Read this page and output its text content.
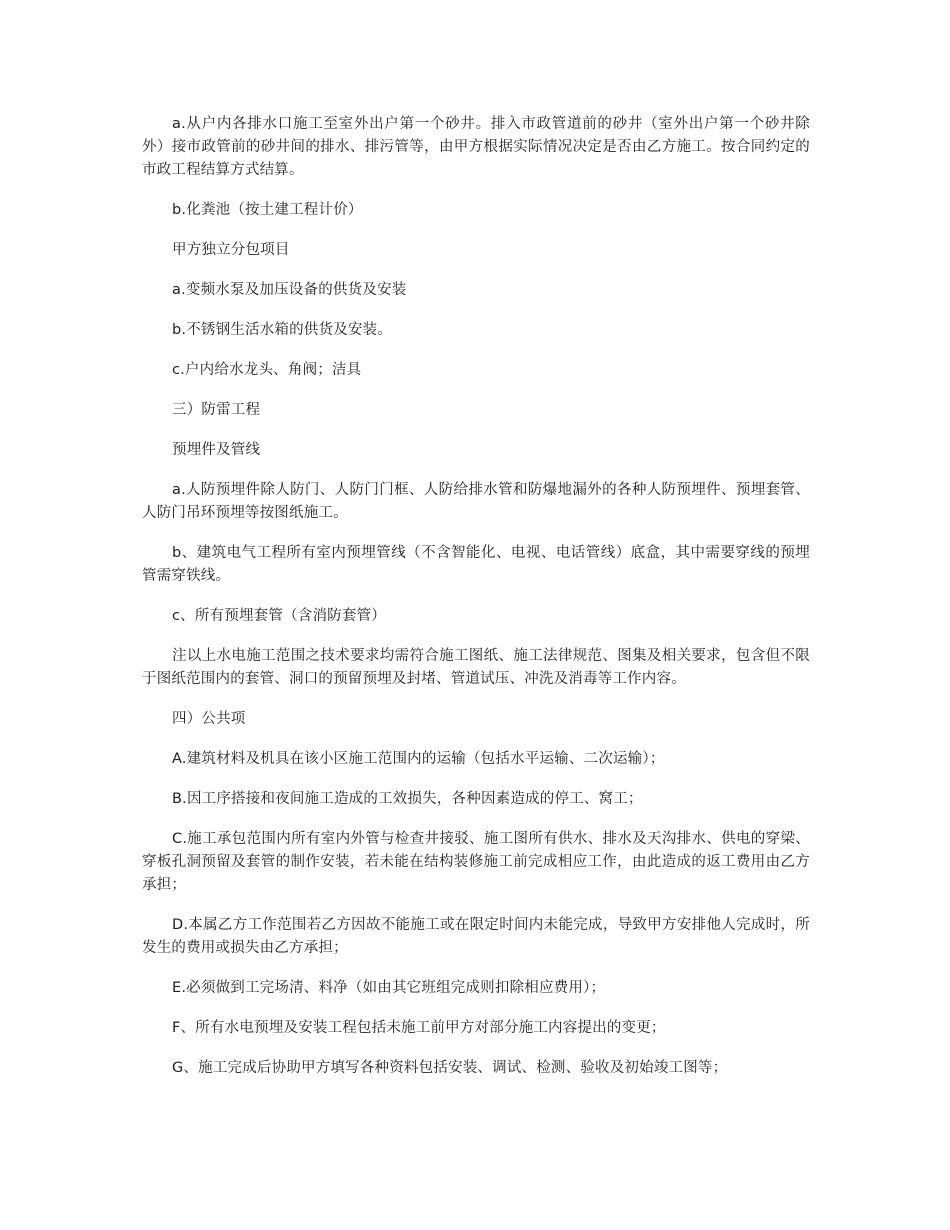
a.从户内各排水口施工至室外出户第一个砂井。排入市政管道前的砂井（室外出户第一个砂井除外）接市政管前的砂井间的排水、排污管等，由甲方根据实际情况决定是否由乙方施工。按合同约定的市政工程结算方式结算。

b.化粪池（按土建工程计价）

甲方独立分包项目

a.变频水泵及加压设备的供货及安装

b.不锈钢生活水箱的供货及安装。

c.户内给水龙头、角阀；洁具

三）防雷工程

预埋件及管线

a.人防预埋件除人防门、人防门门框、人防给排水管和防爆地漏外的各种人防预埋件、预埋套管、人防门吊环预埋等按图纸施工。

b、建筑电气工程所有室内预埋管线（不含智能化、电视、电话管线）底盒，其中需要穿线的预埋管需穿铁线。

c、所有预埋套管（含消防套管）

注以上水电施工范围之技术要求均需符合施工图纸、施工法律规范、图集及相关要求，包含但不限于图纸范围内的套管、洞口的预留预埋及封堵、管道试压、冲洗及消毒等工作内容。

四）公共项

A.建筑材料及机具在该小区施工范围内的运输（包括水平运输、二次运输）；

B.因工序搭接和夜间施工造成的工效损失，各种因素造成的停工、窝工；

C.施工承包范围内所有室内外管与检查井接驳、施工图所有供水、排水及天沟排水、供电的穿梁、穿板孔洞预留及套管的制作安装，若未能在结构装修施工前完成相应工作，由此造成的返工费用由乙方承担；

D.本属乙方工作范围若乙方因故不能施工或在限定时间内未能完成，导致甲方安排他人完成时，所发生的费用或损失由乙方承担；

E.必须做到工完场清、料净（如由其它班组完成则扣除相应费用）；

F、所有水电预埋及安装工程包括未施工前甲方对部分施工内容提出的变更；

G、施工完成后协助甲方填写各种资料包括安装、调试、检测、验收及初始竣工图等；
